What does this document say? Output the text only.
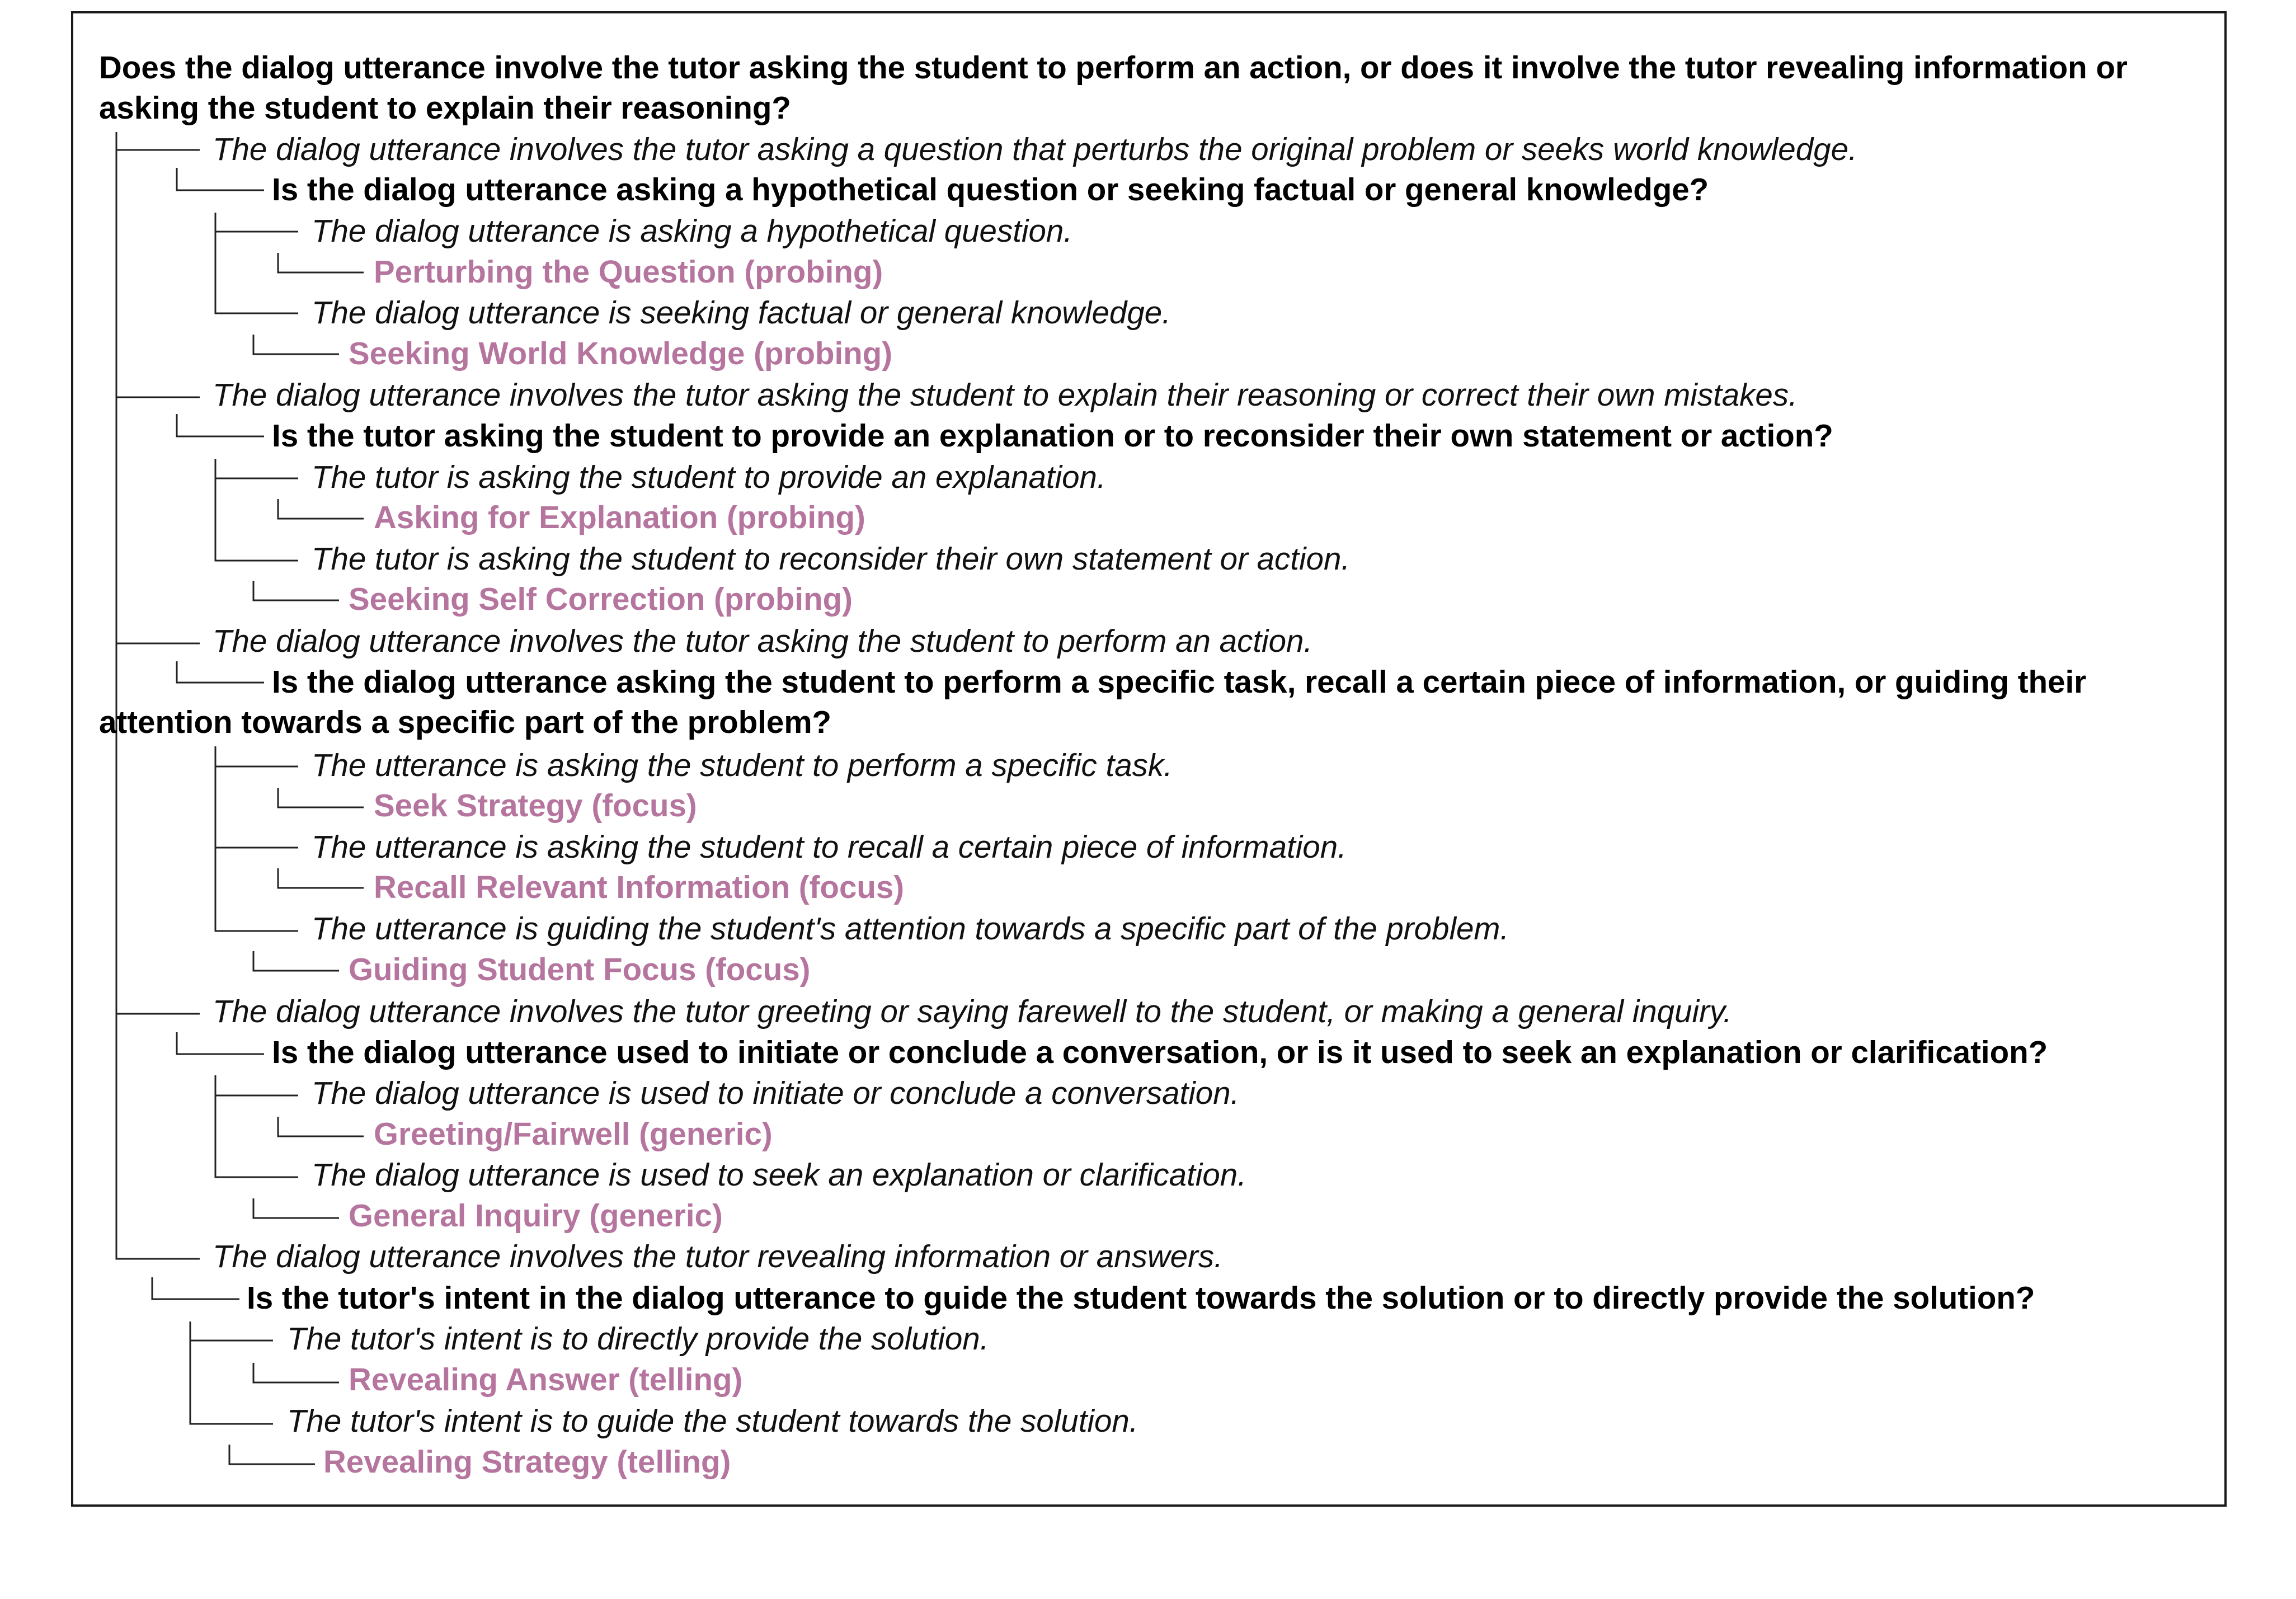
Does the dialog utterance involve the tutor asking the student to perform an action, or does it involve the tutor revealing information or asking the student to explain their reasoning?
The dialog utterance involves the tutor asking a question that perturbs the original problem or seeks world knowledge.
Is the dialog utterance asking a hypothetical question or seeking factual or general knowledge?
The dialog utterance is asking a hypothetical question.
Perturbing the Question (probing)
The dialog utterance is seeking factual or general knowledge.
Seeking World Knowledge (probing)
The dialog utterance involves the tutor asking the student to explain their reasoning or correct their own mistakes.
Is the tutor asking the student to provide an explanation or to reconsider their own statement or action?
The tutor is asking the student to provide an explanation.
Asking for Explanation (probing)
The tutor is asking the student to reconsider their own statement or action.
Seeking Self Correction (probing)
The dialog utterance involves the tutor asking the student to perform an action.
Is the dialog utterance asking the student to perform a specific task, recall a certain piece of information, or guiding their attention towards a specific part of the problem?
The utterance is asking the student to perform a specific task.
Seek Strategy (focus)
The utterance is asking the student to recall a certain piece of information.
Recall Relevant Information (focus)
The utterance is guiding the student's attention towards a specific part of the problem.
Guiding Student Focus (focus)
The dialog utterance involves the tutor greeting or saying farewell to the student, or making a general inquiry.
Is the dialog utterance used to initiate or conclude a conversation, or is it used to seek an explanation or clarification?
The dialog utterance is used to initiate or conclude a conversation.
Greeting/Fairwell (generic)
The dialog utterance is used to seek an explanation or clarification.
General Inquiry (generic)
The dialog utterance involves the tutor revealing information or answers.
Is the tutor's intent in the dialog utterance to guide the student towards the solution or to directly provide the solution?
The tutor's intent is to directly provide the solution.
Revealing Answer (telling)
The tutor's intent is to guide the student towards the solution.
Revealing Strategy (telling)
